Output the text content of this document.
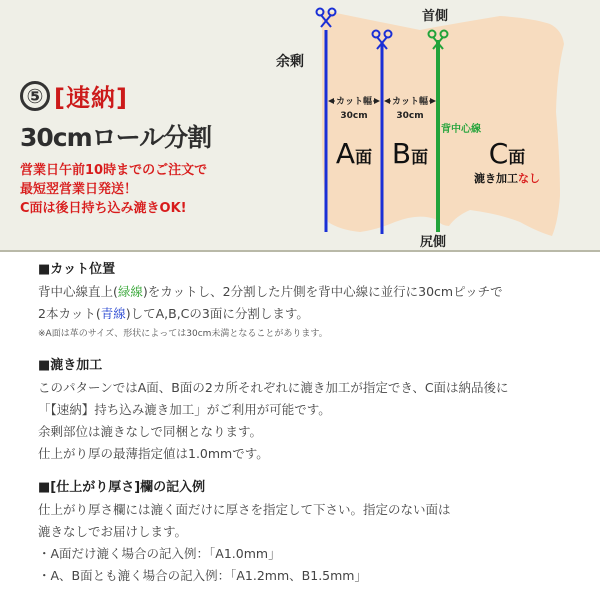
⑤ [速納]
30cmロール分割
営業日午前10時までのご注文で
最短翌営業日発送！
C面は後日持ち込み漉きOK!
首側
余剰
尻側
カット幅
30cm
カット幅
30cm
背中心線
A面 B面 C面
漉き加工なし
■カット位置
背中心線直上(緑線)をカットし、2分割した片側を背中心線に並行に30cmピッチで
2本カット(青線)してA,B,Cの3面に分割します。
※A面は革のサイズ、形状によっては30cm未満となることがあります。
■漉き加工
このパターンではA面、B面の2カ所それぞれに漉き加工が指定でき、C面は納品後に
「【速納】持ち込み漉き加工」がご利用が可能です。
余剰部位は漉きなしで同梱となります。
仕上がり厚の最薄指定値は1.0mmです。
■[仕上がり厚さ]欄の記入例
仕上がり厚さ欄には漉く面だけに厚さを指定して下さい。指定のない面は
漉きなしでお届けします。
・A面だけ漉く場合の記入例：「A1.0mm」
・A、B面とも漉く場合の記入例：「A1.2mm、B1.5mm」
